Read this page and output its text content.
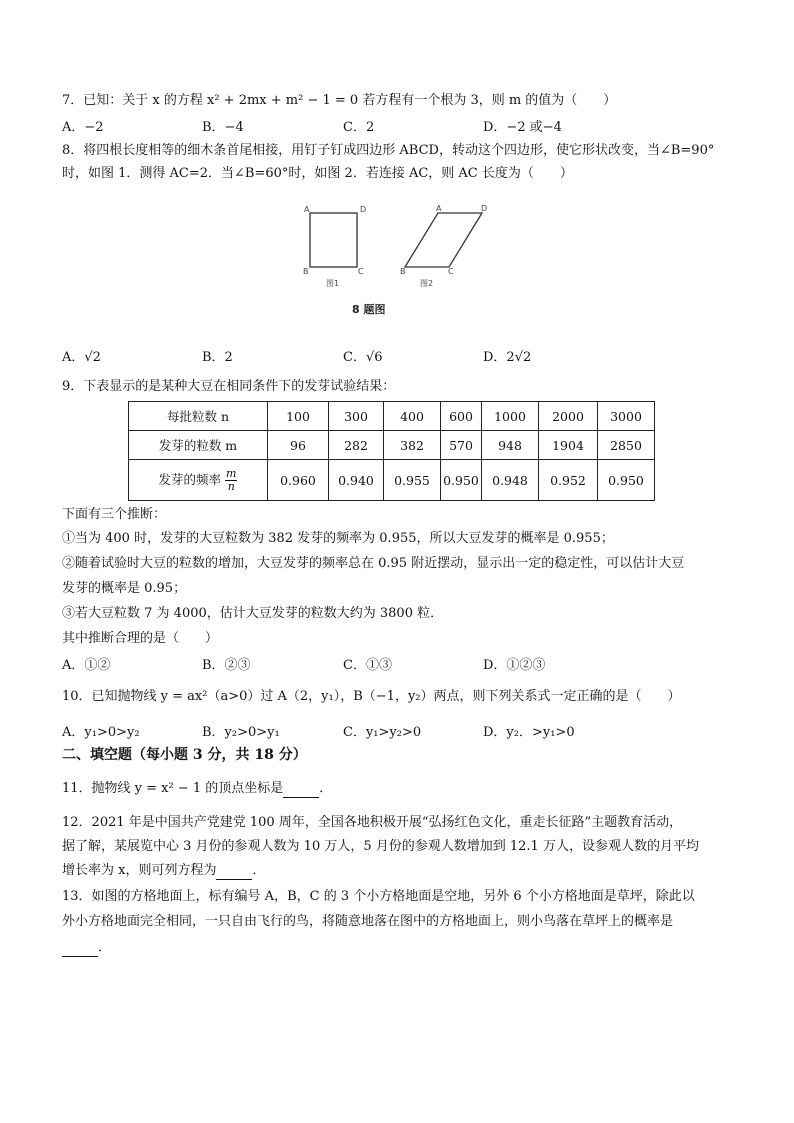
7．已知：关于 x 的方程 x² + 2mx + m² − 1 = 0 若方程有一个根为 3，则 m 的值为（　　）
A．−2	B．−4	C．2	D．−2 或−4
8．将四根长度相等的细木条首尾相接，用钉子钉成四边形 ABCD，转动这个四边形，使它形状改变，当∠B=90°
时，如图 1．测得 AC=2．当∠B=60°时，如图 2．若连接 AC，则 AC 长度为（　　）
A	D
B	C
图1
A	D
B	C
图2
8 题图
A．√2	B．2	C．√6	D．2√2
9．下表显示的是某种大豆在相同条件下的发芽试验结果：
每批粒数 n	100	300	400	600	1000	2000	3000
发芽的粒数 m	96	282	382	570	948	1904	2850
发芽的频率 $\frac{m}{n}$	0.960	0.940	0.955	0.950	0.948	0.952	0.950
下面有三个推断：
①当为 400 时，发芽的大豆粒数为 382 发芽的频率为 0.955，所以大豆发芽的概率是 0.955；
②随着试验时大豆的粒数的增加，大豆发芽的频率总在 0.95 附近摆动，显示出一定的稳定性，可以估计大豆
发芽的概率是 0.95；
③若大豆粒数 7 为 4000，估计大豆发芽的粒数大约为 3800 粒．
其中推断合理的是（　　）
A．①②	B．②③	C．①③	D．①②③
10．已知抛物线 y = ax²（a>0）过 A（2，y₁），B（−1，y₂）两点，则下列关系式一定正确的是（　　）
A．y₁>0>y₂	B．y₂>0>y₁	C．y₁>y₂>0	D．y₂．>y₁>0
二、填空题（每小题 3 分，共 18 分）
11．抛物线 y = x² − 1 的顶点坐标是	．
12．2021 年是中国共产党建党 100 周年，全国各地积极开展“弘扬红色文化，重走长征路”主题教育活动，
据了解，某展览中心 3 月份的参观人数为 10 万人，5 月份的参观人数增加到 12.1 万人，设参观人数的月平均
增长率为 x，则可列方程为	．
13．如图的方格地面上，标有编号 A，B，C 的 3 个小方格地面是空地，另外 6 个小方格地面是草坪，除此以
外小方格地面完全相同，一只自由飞行的鸟，将随意地落在图中的方格地面上，则小鸟落在草坪上的概率是
．
